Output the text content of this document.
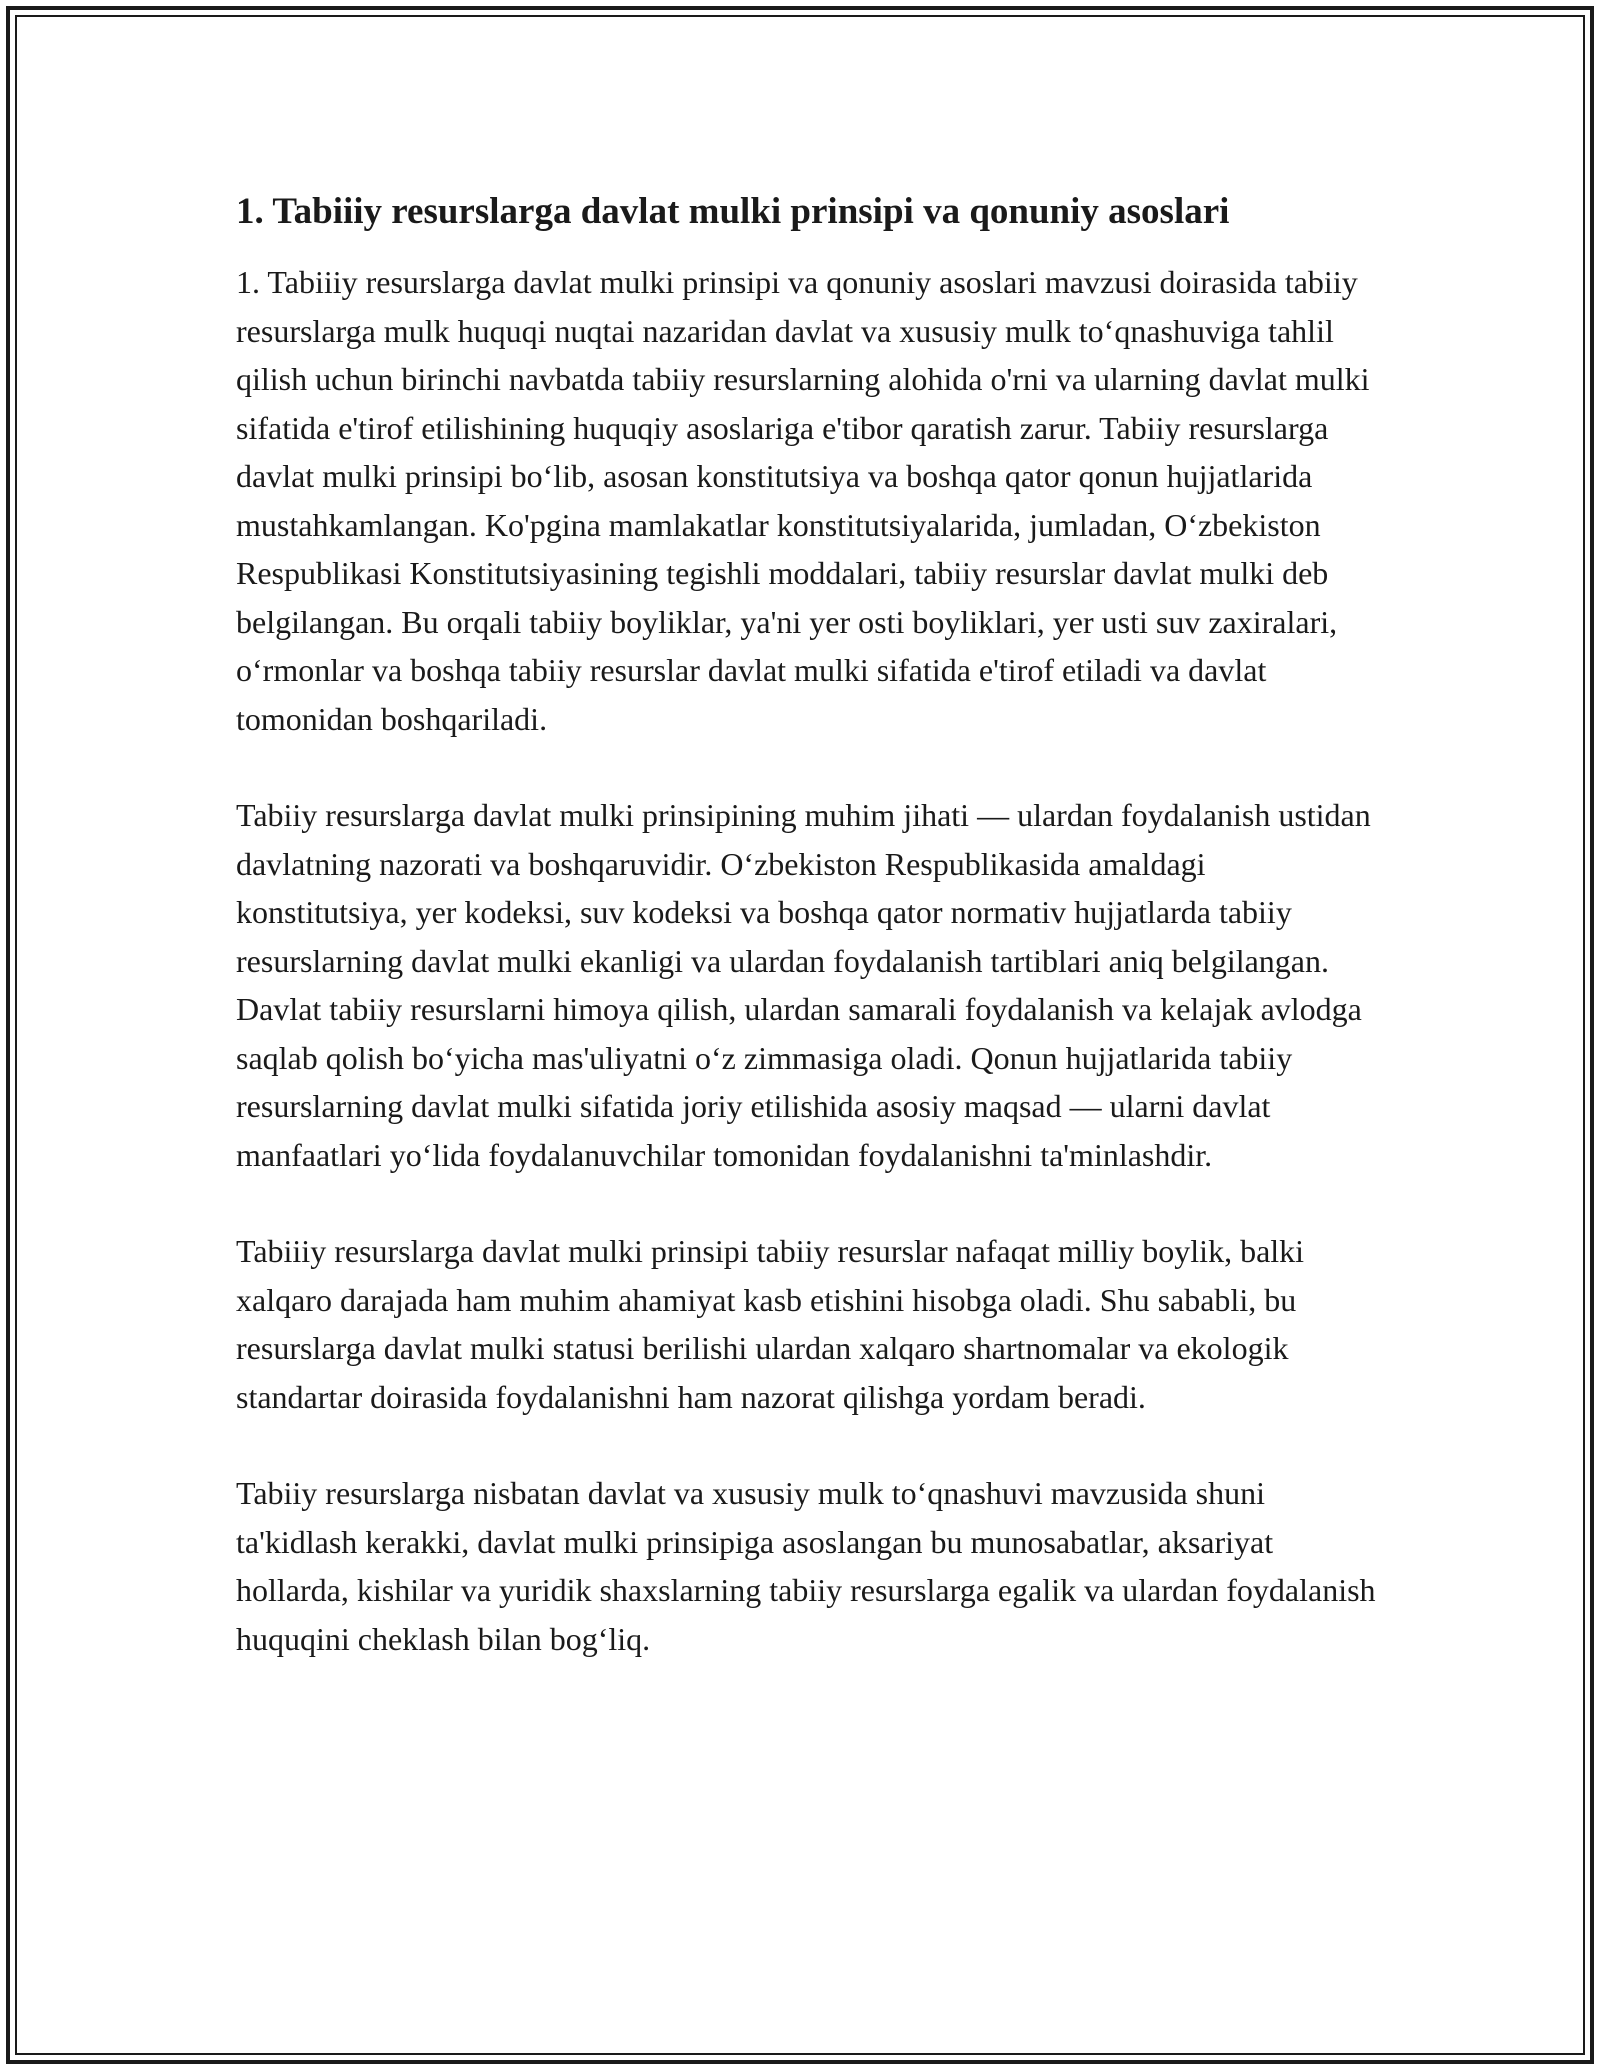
1. Tabiiiy resurslarga davlat mulki prinsipi va qonuniy asoslari

1. Tabiiiy resurslarga davlat mulki prinsipi va qonuniy asoslari mavzusi doirasida tabiiy resurslarga mulk huquqi nuqtai nazaridan davlat va xususiy mulk to‘qnashuviga tahlil qilish uchun birinchi navbatda tabiiy resurslarning alohida o'rni va ularning davlat mulki sifatida e'tirof etilishining huquqiy asoslariga e'tibor qaratish zarur. Tabiiy resurslarga davlat mulki prinsipi bo‘lib, asosan konstitutsiya va boshqa qator qonun hujjatlarida mustahkamlangan. Ko'pgina mamlakatlar konstitutsiyalarida, jumladan, O‘zbekiston Respublikasi Konstitutsiyasining tegishli moddalari, tabiiy resurslar davlat mulki deb belgilangan. Bu orqali tabiiy boyliklar, ya'ni yer osti boyliklari, yer usti suv zaxiralari, o‘rmonlar va boshqa tabiiy resurslar davlat mulki sifatida e'tirof etiladi va davlat tomonidan boshqariladi.

Tabiiy resurslarga davlat mulki prinsipining muhim jihati — ulardan foydalanish ustidan davlatning nazorati va boshqaruvidir. O‘zbekiston Respublikasida amaldagi konstitutsiya, yer kodeksi, suv kodeksi va boshqa qator normativ hujjatlarda tabiiy resurslarning davlat mulki ekanligi va ulardan foydalanish tartiblari aniq belgilangan. Davlat tabiiy resurslarni himoya qilish, ulardan samarali foydalanish va kelajak avlodga saqlab qolish bo‘yicha mas'uliyatni o‘z zimmasiga oladi. Qonun hujjatlarida tabiiy resurslarning davlat mulki sifatida joriy etilishida asosiy maqsad — ularni davlat manfaatlari yo‘lida foydalanuvchilar tomonidan foydalanishni ta'minlashdir.

Tabiiiy resurslarga davlat mulki prinsipi tabiiy resurslar nafaqat milliy boylik, balki xalqaro darajada ham muhim ahamiyat kasb etishini hisobga oladi. Shu sababli, bu resurslarga davlat mulki statusi berilishi ulardan xalqaro shartnomalar va ekologik standartar doirasida foydalanishni ham nazorat qilishga yordam beradi.

Tabiiy resurslarga nisbatan davlat va xususiy mulk to‘qnashuvi mavzusida shuni ta'kidlash kerakki, davlat mulki prinsipiga asoslangan bu munosabatlar, aksariyat hollarda, kishilar va yuridik shaxslarning tabiiy resurslarga egalik va ulardan foydalanish huquqini cheklash bilan bog‘liq.
